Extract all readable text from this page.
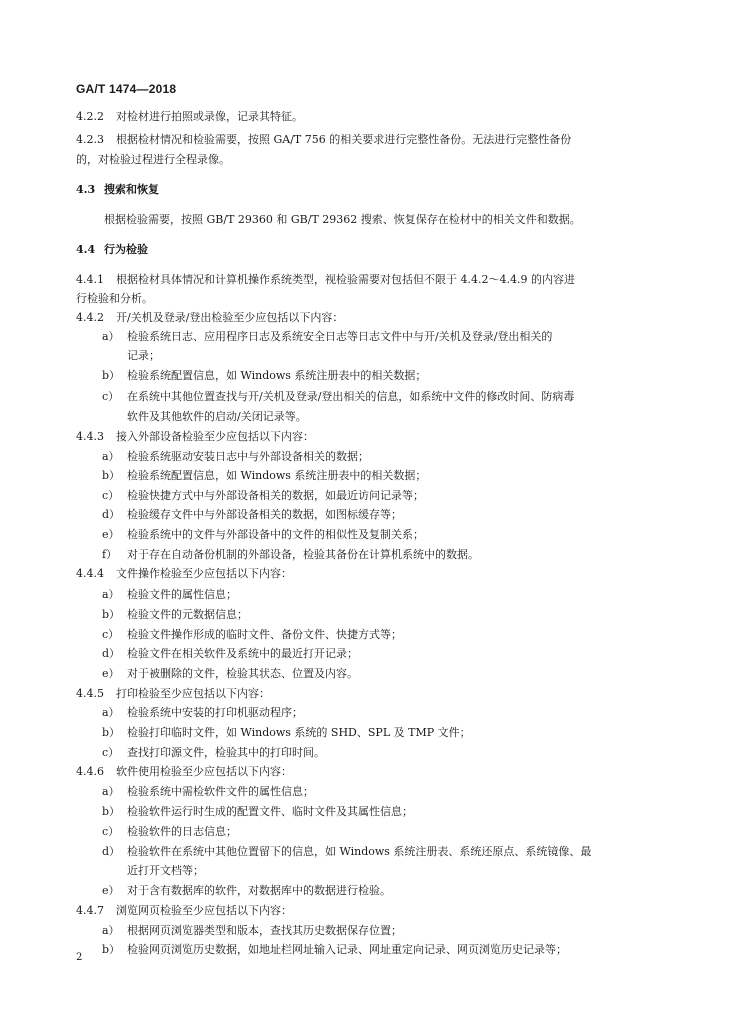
GA/T 1474—2018
4.2.2 对检材进行拍照或录像，记录其特征。
4.2.3 根据检材情况和检验需要，按照 GA/T 756 的相关要求进行完整性备份。无法进行完整性备份
的，对检验过程进行全程录像。
4.3 搜索和恢复
根据检验需要，按照 GB/T 29360 和 GB/T 29362 搜索、恢复保存在检材中的相关文件和数据。
4.4 行为检验
4.4.1 根据检材具体情况和计算机操作系统类型，视检验需要对包括但不限于 4.4.2～4.4.9 的内容进
行检验和分析。
4.4.2 开/关机及登录/登出检验至少应包括以下内容：
a） 检验系统日志、应用程序日志及系统安全日志等日志文件中与开/关机及登录/登出相关的
记录；
b） 检验系统配置信息，如 Windows 系统注册表中的相关数据；
c） 在系统中其他位置查找与开/关机及登录/登出相关的信息，如系统中文件的修改时间、防病毒
软件及其他软件的启动/关闭记录等。
4.4.3 接入外部设备检验至少应包括以下内容：
a） 检验系统驱动安装日志中与外部设备相关的数据；
b） 检验系统配置信息，如 Windows 系统注册表中的相关数据；
c） 检验快捷方式中与外部设备相关的数据，如最近访问记录等；
d） 检验缓存文件中与外部设备相关的数据，如图标缓存等；
e） 检验系统中的文件与外部设备中的文件的相似性及复制关系；
f） 对于存在自动备份机制的外部设备，检验其备份在计算机系统中的数据。
4.4.4 文件操作检验至少应包括以下内容：
a） 检验文件的属性信息；
b） 检验文件的元数据信息；
c） 检验文件操作形成的临时文件、备份文件、快捷方式等；
d） 检验文件在相关软件及系统中的最近打开记录；
e） 对于被删除的文件，检验其状态、位置及内容。
4.4.5 打印检验至少应包括以下内容：
a） 检验系统中安装的打印机驱动程序；
b） 检验打印临时文件，如 Windows 系统的 SHD、SPL 及 TMP 文件；
c） 查找打印源文件，检验其中的打印时间。
4.4.6 软件使用检验至少应包括以下内容：
a） 检验系统中需检软件文件的属性信息；
b） 检验软件运行时生成的配置文件、临时文件及其属性信息；
c） 检验软件的日志信息；
d） 检验软件在系统中其他位置留下的信息，如 Windows 系统注册表、系统还原点、系统镜像、最
近打开文档等；
e） 对于含有数据库的软件，对数据库中的数据进行检验。
4.4.7 浏览网页检验至少应包括以下内容：
a） 根据网页浏览器类型和版本，查找其历史数据保存位置；
b） 检验网页浏览历史数据，如地址栏网址输入记录、网址重定向记录、网页浏览历史记录等；
2
